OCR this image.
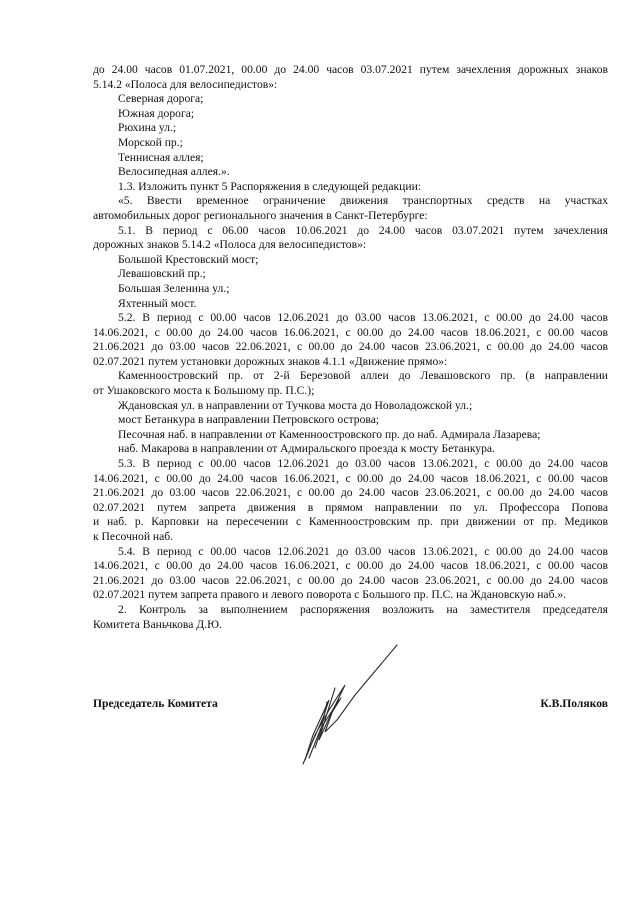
до 24.00 часов 01.07.2021, 00.00 до 24.00 часов 03.07.2021 путем зачехления дорожных знаков
5.14.2 «Полоса для велосипедистов»:
Северная дорога;
Южная дорога;
Рюхина ул.;
Морской пр.;
Теннисная аллея;
Велосипедная аллея.».
1.3. Изложить пункт 5 Распоряжения в следующей редакции:
«5. Ввести временное ограничение движения транспортных средств на участках
автомобильных дорог регионального значения в Санкт-Петербурге:
5.1. В период с 06.00 часов 10.06.2021 до 24.00 часов 03.07.2021 путем зачехления
дорожных знаков 5.14.2 «Полоса для велосипедистов»:
Большой Крестовский мост;
Левашовский пр.;
Большая Зеленина ул.;
Яхтенный мост.
5.2. В период с 00.00 часов 12.06.2021 до 03.00 часов 13.06.2021, с 00.00 до 24.00 часов
14.06.2021, с 00.00 до 24.00 часов 16.06.2021, с 00.00 до 24.00 часов 18.06.2021, с 00.00 часов
21.06.2021 до 03.00 часов 22.06.2021, с 00.00 до 24.00 часов 23.06.2021, с 00.00 до 24.00 часов
02.07.2021 путем установки дорожных знаков 4.1.1 «Движение прямо»:
Каменноостровский пр. от 2-й Березовой аллеи до Левашовского пр. (в направлении
от Ушаковского моста к Большому пр. П.С.);
Ждановская ул. в направлении от Тучкова моста до Новоладожской ул.;
мост Бетанкура в направлении Петровского острова;
Песочная наб. в направлении от Каменноостровского пр. до наб. Адмирала Лазарева;
наб. Макарова в направлении от Адмиральского проезда к мосту Бетанкура.
5.3. В период с 00.00 часов 12.06.2021 до 03.00 часов 13.06.2021, с 00.00 до 24.00 часов
14.06.2021, с 00.00 до 24.00 часов 16.06.2021, с 00.00 до 24.00 часов 18.06.2021, с 00.00 часов
21.06.2021 до 03.00 часов 22.06.2021, с 00.00 до 24.00 часов 23.06.2021, с 00.00 до 24.00 часов
02.07.2021 путем запрета движения в прямом направлении по ул. Профессора Попова
и наб. р. Карповки на пересечении с Каменноостровским пр. при движении от пр. Медиков
к Песочной наб.
5.4. В период с 00.00 часов 12.06.2021 до 03.00 часов 13.06.2021, с 00.00 до 24.00 часов
14.06.2021, с 00.00 до 24.00 часов 16.06.2021, с 00.00 до 24.00 часов 18.06.2021, с 00.00 часов
21.06.2021 до 03.00 часов 22.06.2021, с 00.00 до 24.00 часов 23.06.2021, с 00.00 до 24.00 часов
02.07.2021 путем запрета правого и левого поворота с Большого пр. П.С. на Ждановскую наб.».
2. Контроль за выполнением распоряжения возложить на заместителя председателя
Комитета Ваньчкова Д.Ю.
Председатель Комитета	К.В.Поляков
